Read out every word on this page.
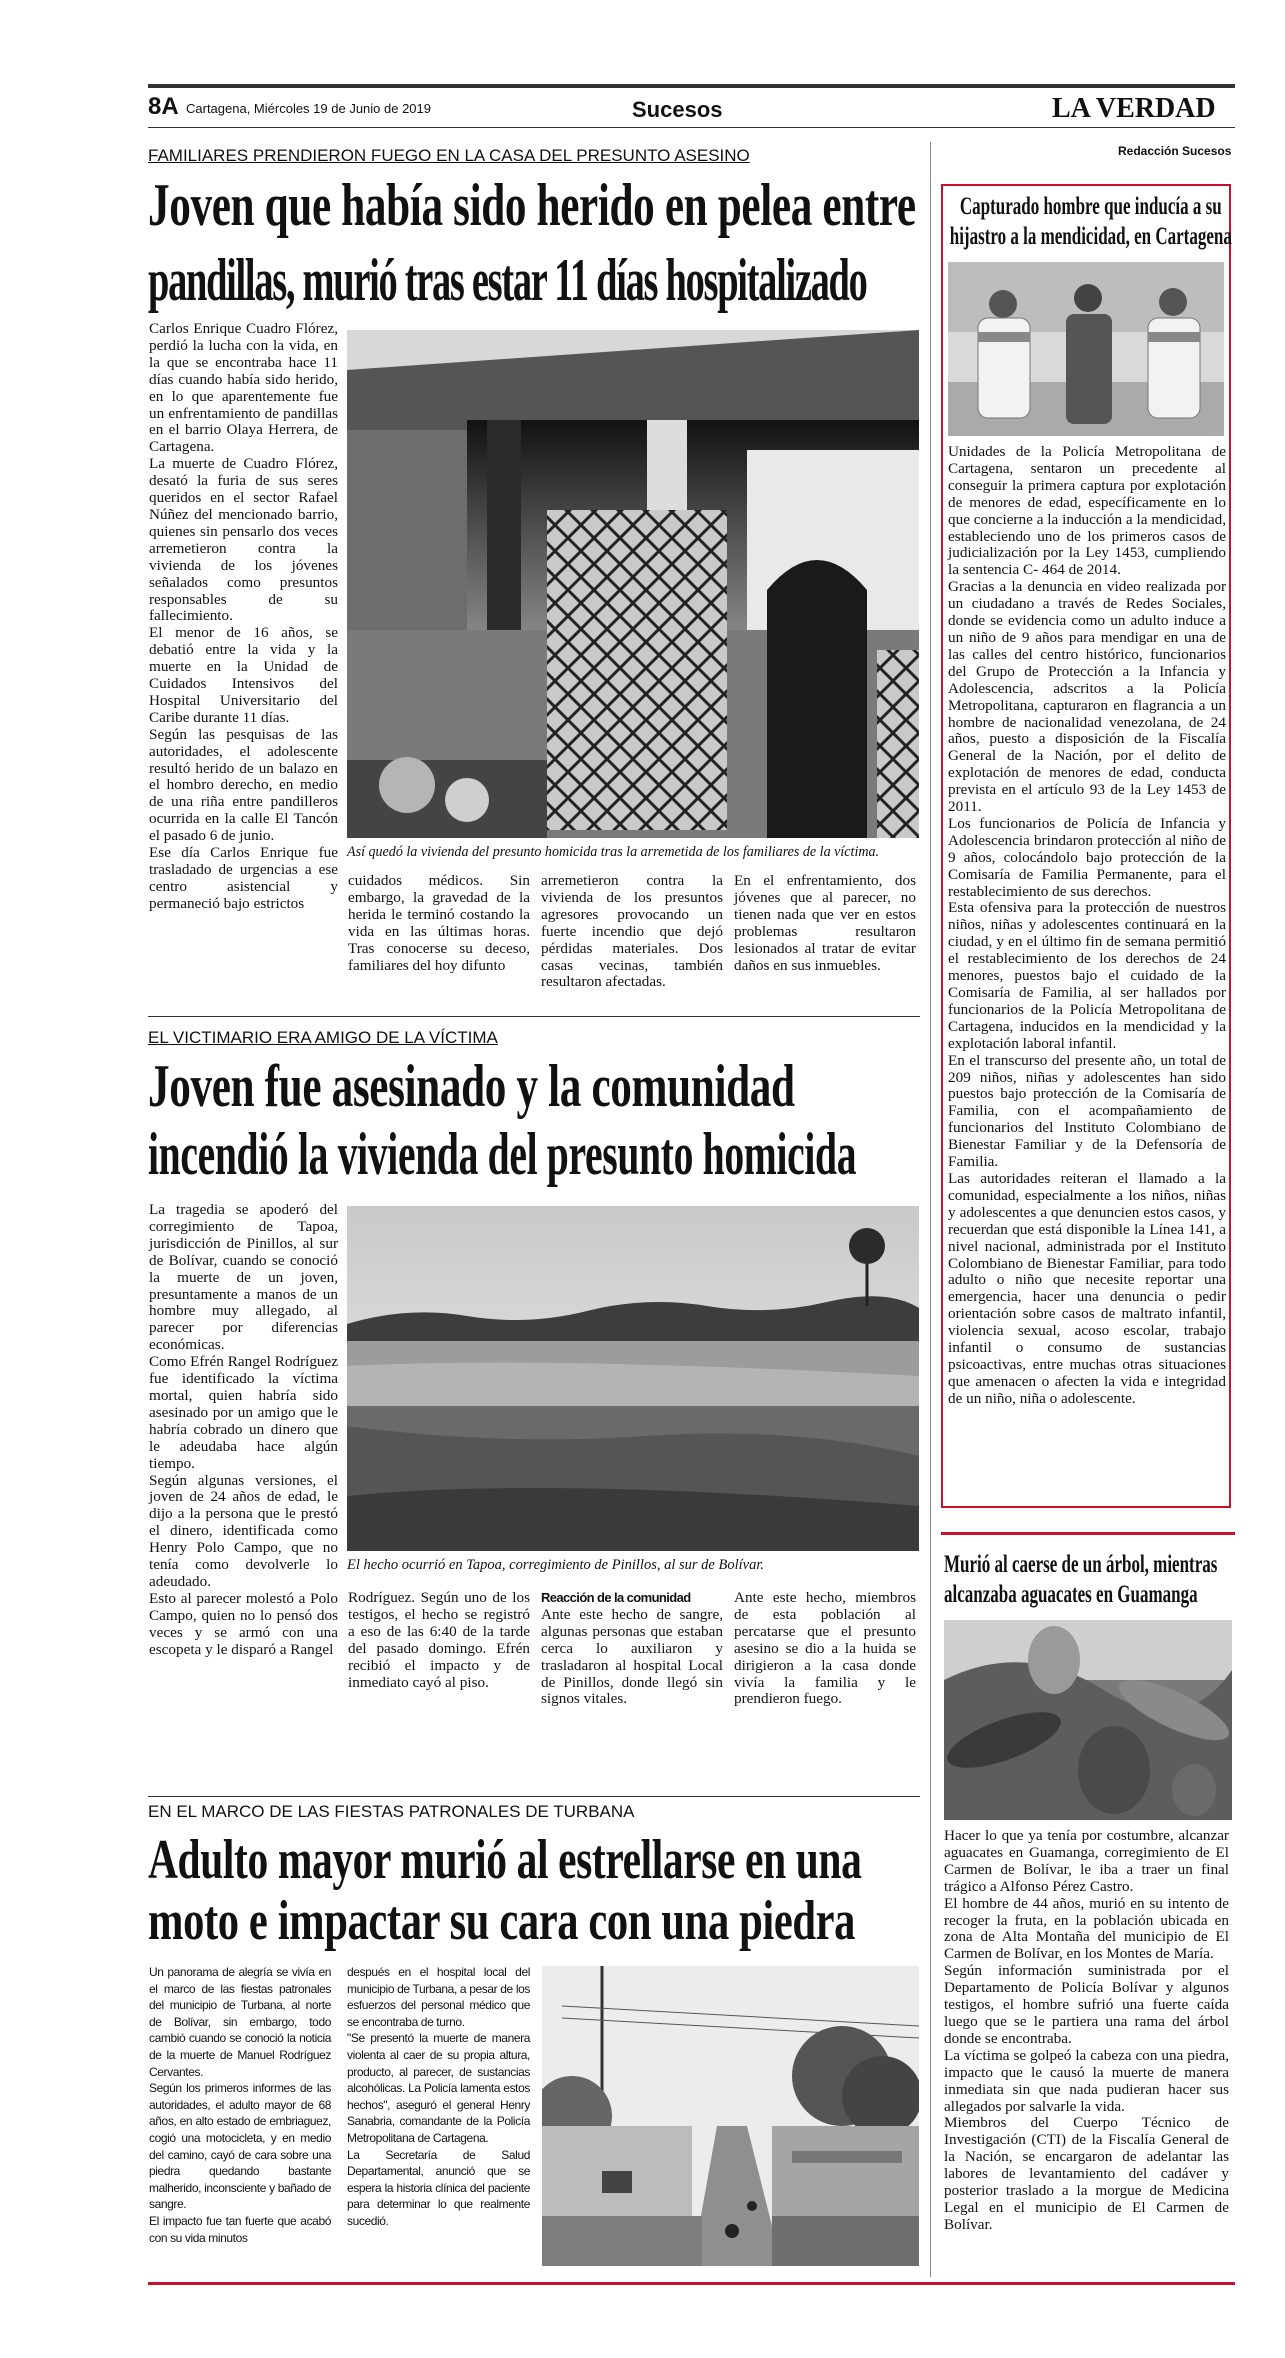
8A Cartagena, Miércoles 19 de Junio de 2019	Sucesos	LA VERDAD
Redacción Sucesos
FAMILIARES PRENDIERON FUEGO EN LA CASA DEL PRESUNTO ASESINO
Joven que había sido herido en pelea entre
pandillas, murió tras estar 11 días hospitalizado

Carlos Enrique Cuadro Flórez, perdió la lucha con la vida, en la que se encontraba hace 11 días cuando había sido herido, en lo que aparentemente fue un enfrentamiento de pandillas en el barrio Olaya Herrera, de Cartagena.

La muerte de Cuadro Flórez, desató la furia de sus seres queridos en el sector Rafael Núñez del mencionado barrio, quienes sin pensarlo dos veces arremetieron contra la vivienda de los jóvenes señalados como presuntos responsables de su fallecimiento.

El menor de 16 años, se debatió entre la vida y la muerte en la Unidad de Cuidados Intensivos del Hospital Universitario del Caribe durante 11 días.

Según las pesquisas de las autoridades, el adolescente resultó herido de un balazo en el hombro derecho, en medio de una riña entre pandilleros ocurrida en la calle El Tancón el pasado 6 de junio.

Ese día Carlos Enrique fue trasladado de urgencias a ese centro asistencial y permaneció bajo estrictos

Así quedó la vivienda del presunto homicida tras la arremetida de los familiares de la víctima.
cuidados médicos. Sin embargo, la gravedad de la herida le terminó costando la vida en las últimas horas. Tras conocerse su deceso, familiares del hoy difunto
arremetieron contra la vivienda de los presuntos agresores provocando un fuerte incendio que dejó pérdidas materiales. Dos casas vecinas, también resultaron afectadas.
En el enfrentamiento, dos jóvenes que al parecer, no tienen nada que ver en estos problemas resultaron lesionados al tratar de evitar daños en sus inmuebles.
EL VICTIMARIO ERA AMIGO DE LA VÍCTIMA
Joven fue asesinado y la comunidad
incendió la vivienda del presunto homicida

La tragedia se apoderó del corregimiento de Tapoa, jurisdicción de Pinillos, al sur de Bolívar, cuando se conoció la muerte de un joven, presuntamente a manos de un hombre muy allegado, al parecer por diferencias económicas.

Como Efrén Rangel Rodríguez fue identificado la víctima mortal, quien habría sido asesinado por un amigo que le habría cobrado un dinero que le adeudaba hace algún tiempo.

Según algunas versiones, el joven de 24 años de edad, le dijo a la persona que le prestó el dinero, identificada como Henry Polo Campo, que no tenía como devolverle lo adeudado.

Esto al parecer molestó a Polo Campo, quien no lo pensó dos veces y se armó con una escopeta y le disparó a Rangel

El hecho ocurrió en Tapoa, corregimiento de Pinillos, al sur de Bolívar.
Rodríguez. Según uno de los testigos, el hecho se registró a eso de las 6:40 de la tarde del pasado domingo. Efrén recibió el impacto y de inmediato cayó al piso.

Reacción de la comunidad

Ante este hecho de sangre, algunas personas que estaban cerca lo auxiliaron y trasladaron al hospital Local de Pinillos, donde llegó sin signos vitales.

Ante este hecho, miembros de esta población al percatarse que el presunto asesino se dio a la huida se dirigieron a la casa donde vivía la familia y le prendieron fuego.
EN EL MARCO DE LAS FIESTAS PATRONALES DE TURBANA
Adulto mayor murió al estrellarse en una
moto e impactar su cara con una piedra

Un panorama de alegría se vivía en el marco de las fiestas patronales del municipio de Turbana, al norte de Bolívar, sin embargo, todo cambió cuando se conoció la noticia de la muerte de Manuel Rodríguez Cervantes.

Según los primeros informes de las autoridades, el adulto mayor de 68 años, en alto estado de embriaguez, cogió una motocicleta, y en medio del camino, cayó de cara sobre una piedra quedando bastante malherido, inconsciente y bañado de sangre.

El impacto fue tan fuerte que acabó con su vida minutos

después en el hospital local del municipio de Turbana, a pesar de los esfuerzos del personal médico que se encontraba de turno.

"Se presentó la muerte de manera violenta al caer de su propia altura, producto, al parecer, de sustancias alcohólicas. La Policía lamenta estos hechos", aseguró el general Henry Sanabria, comandante de la Policía Metropolitana de Cartagena.

La Secretaría de Salud Departamental, anunció que se espera la historia clínica del paciente para determinar lo que realmente sucedió.

Capturado hombre que inducía a su hijastro a la mendicidad, en Cartagena

Unidades de la Policía Metropolitana de Cartagena, sentaron un precedente al conseguir la primera captura por explotación de menores de edad, específicamente en lo que concierne a la inducción a la mendicidad, estableciendo uno de los primeros casos de judicialización por la Ley 1453, cumpliendo la sentencia C- 464 de 2014.

Gracias a la denuncia en video realizada por un ciudadano a través de Redes Sociales, donde se evidencia como un adulto induce a un niño de 9 años para mendigar en una de las calles del centro histórico, funcionarios del Grupo de Protección a la Infancia y Adolescencia, adscritos a la Policía Metropolitana, capturaron en flagrancia a un hombre de nacionalidad venezolana, de 24 años, puesto a disposición de la Fiscalía General de la Nación, por el delito de explotación de menores de edad, conducta prevista en el artículo 93 de la Ley 1453 de 2011.

Los funcionarios de Policía de Infancia y Adolescencia brindaron protección al niño de 9 años, colocándolo bajo protección de la Comisaría de Familia Permanente, para el restablecimiento de sus derechos.

Esta ofensiva para la protección de nuestros niños, niñas y adolescentes continuará en la ciudad, y en el último fin de semana permitió el restablecimiento de los derechos de 24 menores, puestos bajo el cuidado de la Comisaría de Familia, al ser hallados por funcionarios de la Policía Metropolitana de Cartagena, inducidos en la mendicidad y la explotación laboral infantil.

En el transcurso del presente año, un total de 209 niños, niñas y adolescentes han sido puestos bajo protección de la Comisaría de Familia, con el acompañamiento de funcionarios del Instituto Colombiano de Bienestar Familiar y de la Defensoría de Familia.

Las autoridades reiteran el llamado a la comunidad, especialmente a los niños, niñas y adolescentes a que denuncien estos casos, y recuerdan que está disponible la Línea 141, a nivel nacional, administrada por el Instituto Colombiano de Bienestar Familiar, para todo adulto o niño que necesite reportar una emergencia, hacer una denuncia o pedir orientación sobre casos de maltrato infantil, violencia sexual, acoso escolar, trabajo infantil o consumo de sustancias psicoactivas, entre muchas otras situaciones que amenacen o afecten la vida e integridad de un niño, niña o adolescente.

Murió al caerse de un árbol, mientras alcanzaba aguacates en Guamanga

Hacer lo que ya tenía por costumbre, alcanzar aguacates en Guamanga, corregimiento de El Carmen de Bolívar, le iba a traer un final trágico a Alfonso Pérez Castro.

El hombre de 44 años, murió en su intento de recoger la fruta, en la población ubicada en zona de Alta Montaña del municipio de El Carmen de Bolívar, en los Montes de María.

Según información suministrada por el Departamento de Policía Bolívar y algunos testigos, el hombre sufrió una fuerte caída luego que se le partiera una rama del árbol donde se encontraba.

La víctima se golpeó la cabeza con una piedra, impacto que le causó la muerte de manera inmediata sin que nada pudieran hacer sus allegados por salvarle la vida.

Miembros del Cuerpo Técnico de Investigación (CTI) de la Fiscalía General de la Nación, se encargaron de adelantar las labores de levantamiento del cadáver y posterior traslado a la morgue de Medicina Legal en el municipio de El Carmen de Bolívar.
